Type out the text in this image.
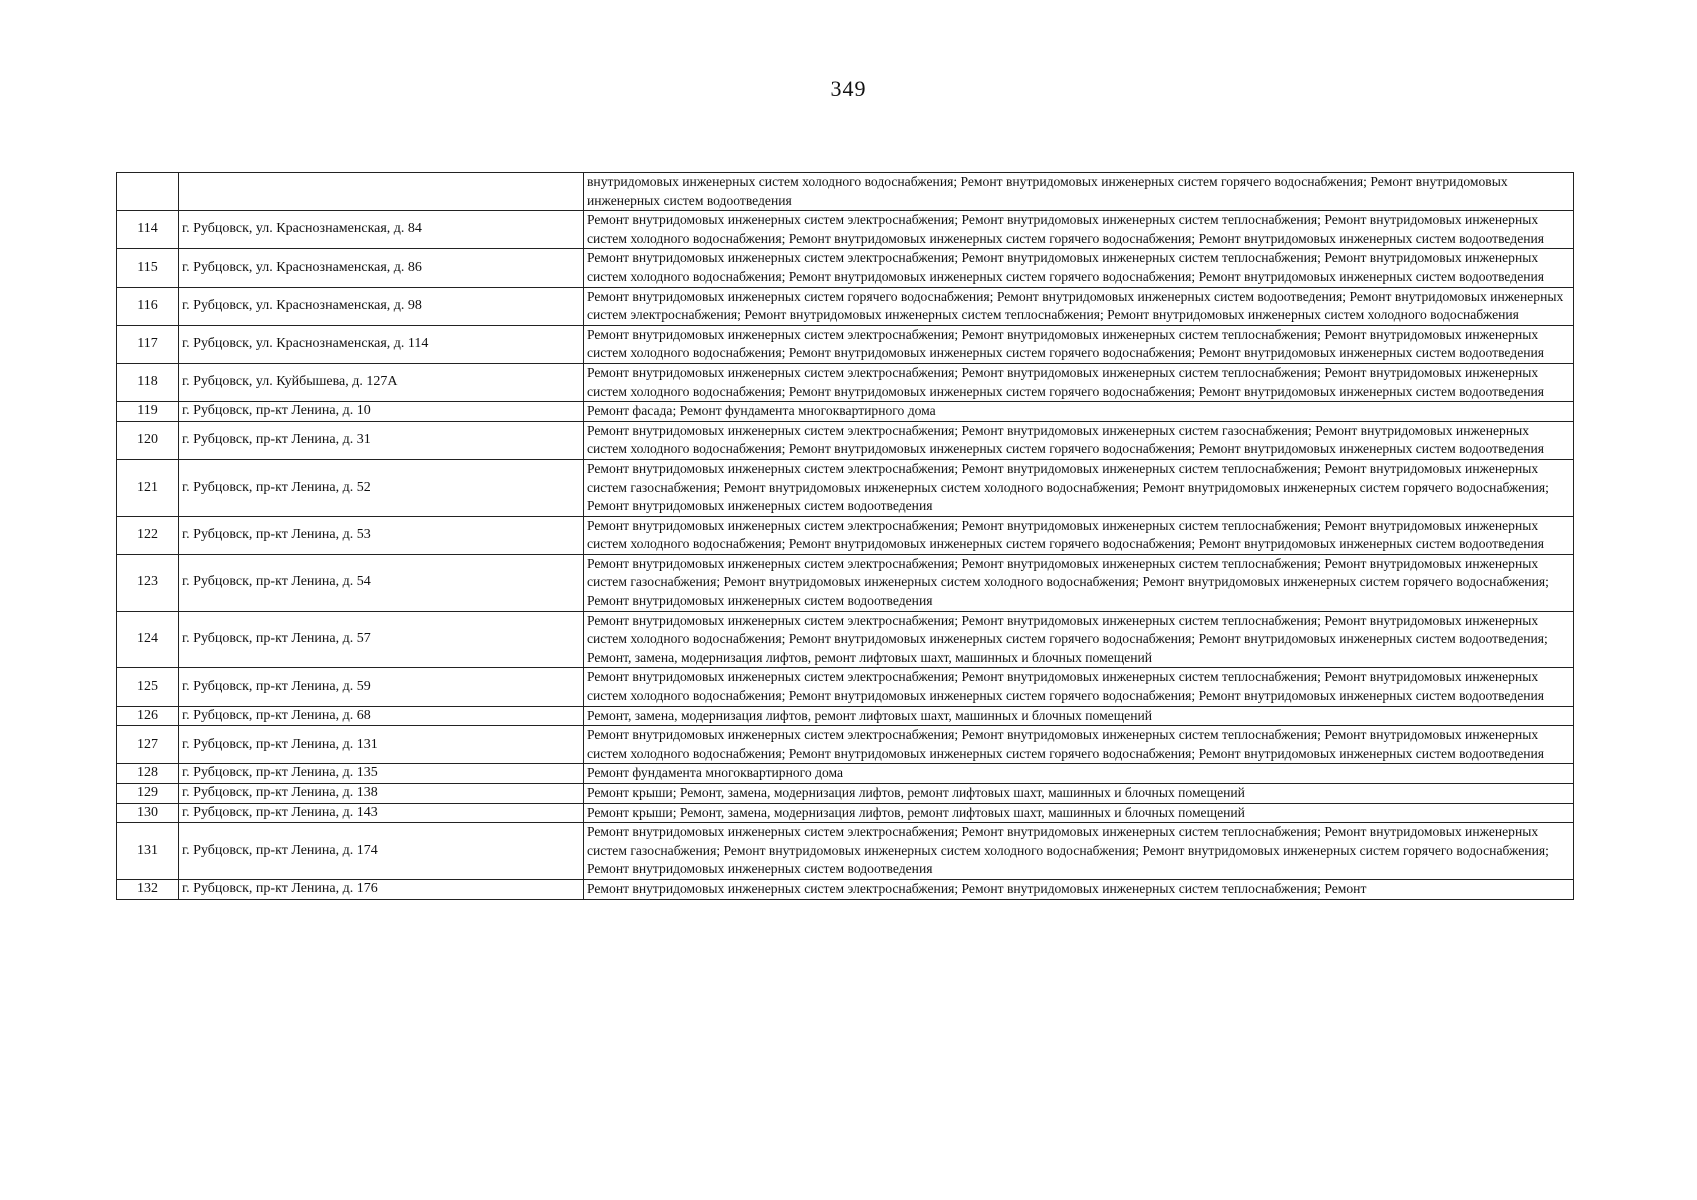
349
		внутридомовых инженерных систем холодного водоснабжения; Ремонт внутридомовых инженерных систем горячего водоснабжения; Ремонт внутридомовых инженерных систем водоотведения
114	г. Рубцовск, ул. Краснознаменская, д. 84	Ремонт внутридомовых инженерных систем электроснабжения; Ремонт внутридомовых инженерных систем теплоснабжения; Ремонт внутридомовых инженерных систем холодного водоснабжения; Ремонт внутридомовых инженерных систем горячего водоснабжения; Ремонт внутридомовых инженерных систем водоотведения
115	г. Рубцовск, ул. Краснознаменская, д. 86	Ремонт внутридомовых инженерных систем электроснабжения; Ремонт внутридомовых инженерных систем теплоснабжения; Ремонт внутридомовых инженерных систем холодного водоснабжения; Ремонт внутридомовых инженерных систем горячего водоснабжения; Ремонт внутридомовых инженерных систем водоотведения
116	г. Рубцовск, ул. Краснознаменская, д. 98	Ремонт внутридомовых инженерных систем горячего водоснабжения; Ремонт внутридомовых инженерных систем водоотведения; Ремонт внутридомовых инженерных систем электроснабжения; Ремонт внутридомовых инженерных систем теплоснабжения; Ремонт внутридомовых инженерных систем холодного водоснабжения
117	г. Рубцовск, ул. Краснознаменская, д. 114	Ремонт внутридомовых инженерных систем электроснабжения; Ремонт внутридомовых инженерных систем теплоснабжения; Ремонт внутридомовых инженерных систем холодного водоснабжения; Ремонт внутридомовых инженерных систем горячего водоснабжения; Ремонт внутридомовых инженерных систем водоотведения
118	г. Рубцовск, ул. Куйбышева, д. 127А	Ремонт внутридомовых инженерных систем электроснабжения; Ремонт внутридомовых инженерных систем теплоснабжения; Ремонт внутридомовых инженерных систем холодного водоснабжения; Ремонт внутридомовых инженерных систем горячего водоснабжения; Ремонт внутридомовых инженерных систем водоотведения
119	г. Рубцовск, пр-кт Ленина, д. 10	Ремонт фасада; Ремонт фундамента многоквартирного дома
120	г. Рубцовск, пр-кт Ленина, д. 31	Ремонт внутридомовых инженерных систем электроснабжения; Ремонт внутридомовых инженерных систем газоснабжения; Ремонт внутридомовых инженерных систем холодного водоснабжения; Ремонт внутридомовых инженерных систем горячего водоснабжения; Ремонт внутридомовых инженерных систем водоотведения
121	г. Рубцовск, пр-кт Ленина, д. 52	Ремонт внутридомовых инженерных систем электроснабжения; Ремонт внутридомовых инженерных систем теплоснабжения; Ремонт внутридомовых инженерных систем газоснабжения; Ремонт внутридомовых инженерных систем холодного водоснабжения; Ремонт внутридомовых инженерных систем горячего водоснабжения; Ремонт внутридомовых инженерных систем водоотведения
122	г. Рубцовск, пр-кт Ленина, д. 53	Ремонт внутридомовых инженерных систем электроснабжения; Ремонт внутридомовых инженерных систем теплоснабжения; Ремонт внутридомовых инженерных систем холодного водоснабжения; Ремонт внутридомовых инженерных систем горячего водоснабжения; Ремонт внутридомовых инженерных систем водоотведения
123	г. Рубцовск, пр-кт Ленина, д. 54	Ремонт внутридомовых инженерных систем электроснабжения; Ремонт внутридомовых инженерных систем теплоснабжения; Ремонт внутридомовых инженерных систем газоснабжения; Ремонт внутридомовых инженерных систем холодного водоснабжения; Ремонт внутридомовых инженерных систем горячего водоснабжения; Ремонт внутридомовых инженерных систем водоотведения
124	г. Рубцовск, пр-кт Ленина, д. 57	Ремонт внутридомовых инженерных систем электроснабжения; Ремонт внутридомовых инженерных систем теплоснабжения; Ремонт внутридомовых инженерных систем холодного водоснабжения; Ремонт внутридомовых инженерных систем горячего водоснабжения; Ремонт внутридомовых инженерных систем водоотведения; Ремонт, замена, модернизация лифтов, ремонт лифтовых шахт, машинных и блочных помещений
125	г. Рубцовск, пр-кт Ленина, д. 59	Ремонт внутридомовых инженерных систем электроснабжения; Ремонт внутридомовых инженерных систем теплоснабжения; Ремонт внутридомовых инженерных систем холодного водоснабжения; Ремонт внутридомовых инженерных систем горячего водоснабжения; Ремонт внутридомовых инженерных систем водоотведения
126	г. Рубцовск, пр-кт Ленина, д. 68	Ремонт, замена, модернизация лифтов, ремонт лифтовых шахт, машинных и блочных помещений
127	г. Рубцовск, пр-кт Ленина, д. 131	Ремонт внутридомовых инженерных систем электроснабжения; Ремонт внутридомовых инженерных систем теплоснабжения; Ремонт внутридомовых инженерных систем холодного водоснабжения; Ремонт внутридомовых инженерных систем горячего водоснабжения; Ремонт внутридомовых инженерных систем водоотведения
128	г. Рубцовск, пр-кт Ленина, д. 135	Ремонт фундамента многоквартирного дома
129	г. Рубцовск, пр-кт Ленина, д. 138	Ремонт крыши; Ремонт, замена, модернизация лифтов, ремонт лифтовых шахт, машинных и блочных помещений
130	г. Рубцовск, пр-кт Ленина, д. 143	Ремонт крыши; Ремонт, замена, модернизация лифтов, ремонт лифтовых шахт, машинных и блочных помещений
131	г. Рубцовск, пр-кт Ленина, д. 174	Ремонт внутридомовых инженерных систем электроснабжения; Ремонт внутридомовых инженерных систем теплоснабжения; Ремонт внутридомовых инженерных систем газоснабжения; Ремонт внутридомовых инженерных систем холодного водоснабжения; Ремонт внутридомовых инженерных систем горячего водоснабжения; Ремонт внутридомовых инженерных систем водоотведения
132	г. Рубцовск, пр-кт Ленина, д. 176	Ремонт внутридомовых инженерных систем электроснабжения; Ремонт внутридомовых инженерных систем теплоснабжения; Ремонт
